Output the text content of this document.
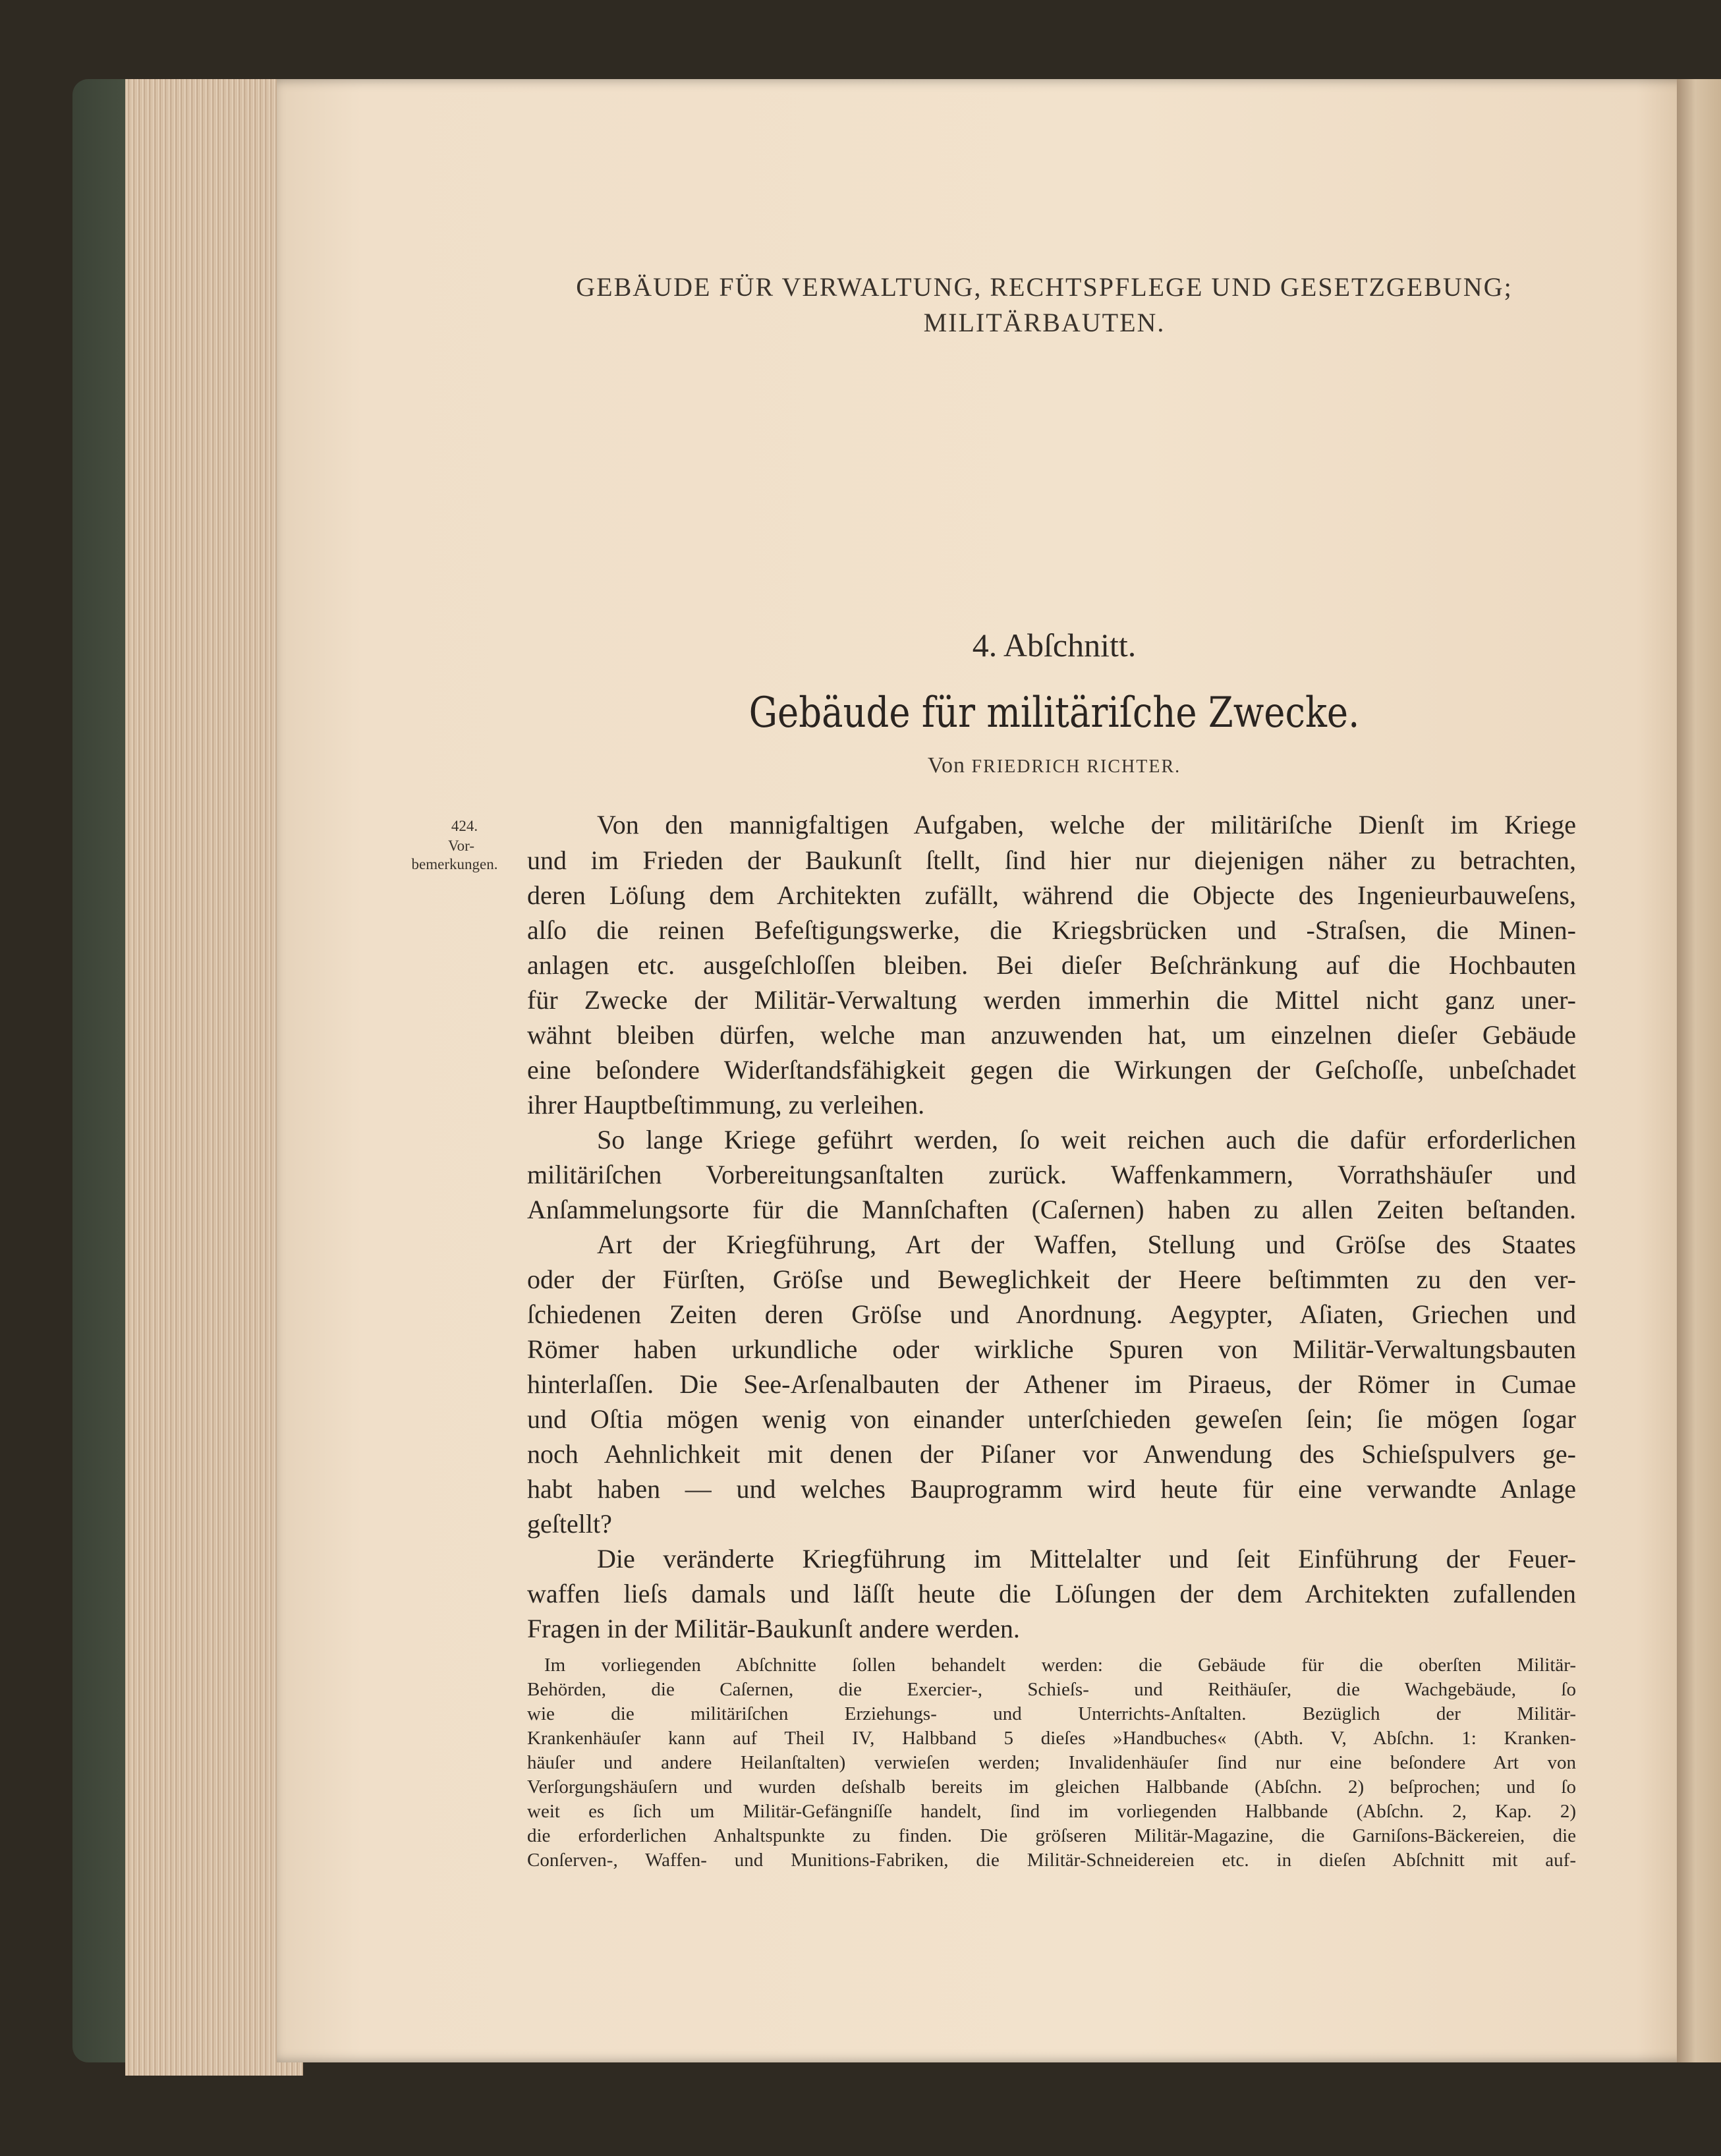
GEBÄUDE FÜR VERWALTUNG, RECHTSPFLEGE UND GESETZGEBUNG;
MILITÄRBAUTEN.
4. Abſchnitt.
Gebäude für militäriſche Zwecke.
Von FRIEDRICH RICHTER.
424.
Vor-
bemerkungen.
Von den mannigfaltigen Aufgaben, welche der militäriſche Dienſt im Kriege
und im Frieden der Baukunſt ſtellt, ſind hier nur diejenigen näher zu betrachten,
deren Löſung dem Architekten zufällt, während die Objecte des Ingenieurbauweſens,
alſo die reinen Befeſtigungswerke, die Kriegsbrücken und -Straſsen, die Minen-
anlagen etc. ausgeſchloſſen bleiben. Bei dieſer Beſchränkung auf die Hochbauten
für Zwecke der Militär-Verwaltung werden immerhin die Mittel nicht ganz uner-
wähnt bleiben dürfen, welche man anzuwenden hat, um einzelnen dieſer Gebäude
eine beſondere Widerſtandsfähigkeit gegen die Wirkungen der Geſchoſſe, unbeſchadet
ihrer Hauptbeſtimmung, zu verleihen.
So lange Kriege geführt werden, ſo weit reichen auch die dafür erforderlichen
militäriſchen Vorbereitungsanſtalten zurück. Waffenkammern, Vorrathshäuſer und
Anſammelungsorte für die Mannſchaften (Caſernen) haben zu allen Zeiten beſtanden.
Art der Kriegführung, Art der Waffen, Stellung und Gröſse des Staates
oder der Fürſten, Gröſse und Beweglichkeit der Heere beſtimmten zu den ver-
ſchiedenen Zeiten deren Gröſse und Anordnung. Aegypter, Aſiaten, Griechen und
Römer haben urkundliche oder wirkliche Spuren von Militär-Verwaltungsbauten
hinterlaſſen. Die See-Arſenalbauten der Athener im Piraeus, der Römer in Cumae
und Oſtia mögen wenig von einander unterſchieden geweſen ſein; ſie mögen ſogar
noch Aehnlichkeit mit denen der Piſaner vor Anwendung des Schieſspulvers ge-
habt haben — und welches Bauprogramm wird heute für eine verwandte Anlage
geſtellt?
Die veränderte Kriegführung im Mittelalter und ſeit Einführung der Feuer-
waffen lieſs damals und läſſt heute die Löſungen der dem Architekten zufallenden
Fragen in der Militär-Baukunſt andere werden.
Im vorliegenden Abſchnitte ſollen behandelt werden: die Gebäude für die oberſten Militär-
Behörden, die Caſernen, die Exercier-, Schieſs- und Reithäuſer, die Wachgebäude, ſo
wie die militäriſchen Erziehungs- und Unterrichts-Anſtalten. Bezüglich der Militär-
Krankenhäuſer kann auf Theil IV, Halbband 5 dieſes »Handbuches« (Abth. V, Abſchn. 1: Kranken-
häuſer und andere Heilanſtalten) verwieſen werden; Invalidenhäuſer ſind nur eine beſondere Art von
Verſorgungshäuſern und wurden deſshalb bereits im gleichen Halbbande (Abſchn. 2) beſprochen; und ſo
weit es ſich um Militär-Gefängniſſe handelt, ſind im vorliegenden Halbbande (Abſchn. 2, Kap. 2)
die erforderlichen Anhaltspunkte zu finden. Die gröſseren Militär-Magazine, die Garniſons-Bäckereien, die
Conſerven-, Waffen- und Munitions-Fabriken, die Militär-Schneidereien etc. in dieſen Abſchnitt mit auf-
